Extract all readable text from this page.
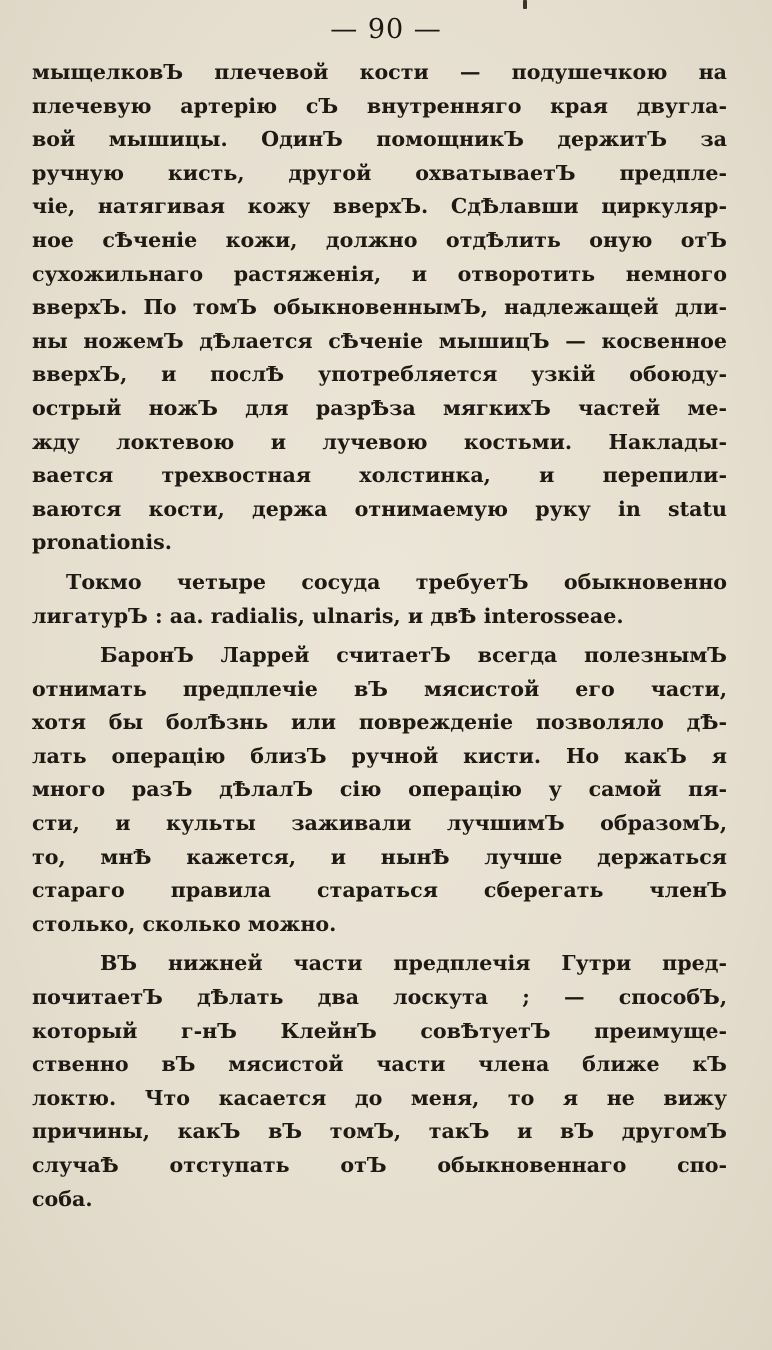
— 90 —
мыщелковЪ плечевой кости — подушечкою на
плечевую артерію сЪ внутренняго края двугла-
вой мышицы. ОдинЪ помощникЪ держитЪ за
ручную кисть, другой охватываетЪ предпле-
чіе, натягивая кожу вверхЪ. СдѢлавши циркуляр-
ное сѢченіе кожи, должно отдѢлить оную отЪ
сухожильнаго растяженія, и отворотить немного
вверхЪ. По томЪ обыкновеннымЪ, надлежащей дли-
ны ножемЪ дѢлается сѢченіе мышицЪ — косвенное
вверхЪ, и послѢ употребляется узкій обоюду-
острый ножЪ для разрѢза мягкихЪ частей ме-
жду локтевою и лучевою костьми. Наклады-
вается трехвостная холстинка, и перепили-
ваются кости, держа отнимаемую руку in statu
pronationis.
Токмо четыре сосуда требуетЪ обыкновенно
лигатурЪ : aa. radialis, ulnaris, и двѢ interosseae.
БаронЪ Ларрей считаетЪ всегда полезнымЪ
отнимать предплечіе вЪ мясистой его части,
хотя бы болѢзнь или поврежденіе позволяло дѢ-
лать операцію близЪ ручной кисти. Но какЪ я
много разЪ дѢлалЪ сію операцію у самой пя-
сти, и культы заживали лучшимЪ образомЪ,
то, мнѢ кажется, и нынѢ лучше держаться
стараго правила стараться сберегать членЪ
столько, сколько можно.
ВЪ нижней части предплечія Гутри пред-
почитаетЪ дѢлать два лоскута ; — способЪ,
который г-нЪ КлейнЪ совѢтуетЪ преимуще-
ственно вЪ мясистой части члена ближе кЪ
локтю. Что касается до меня, то я не вижу
причины, какЪ вЪ томЪ, такЪ и вЪ другомЪ
случаѢ отступать отЪ обыкновеннаго спо-
соба.
